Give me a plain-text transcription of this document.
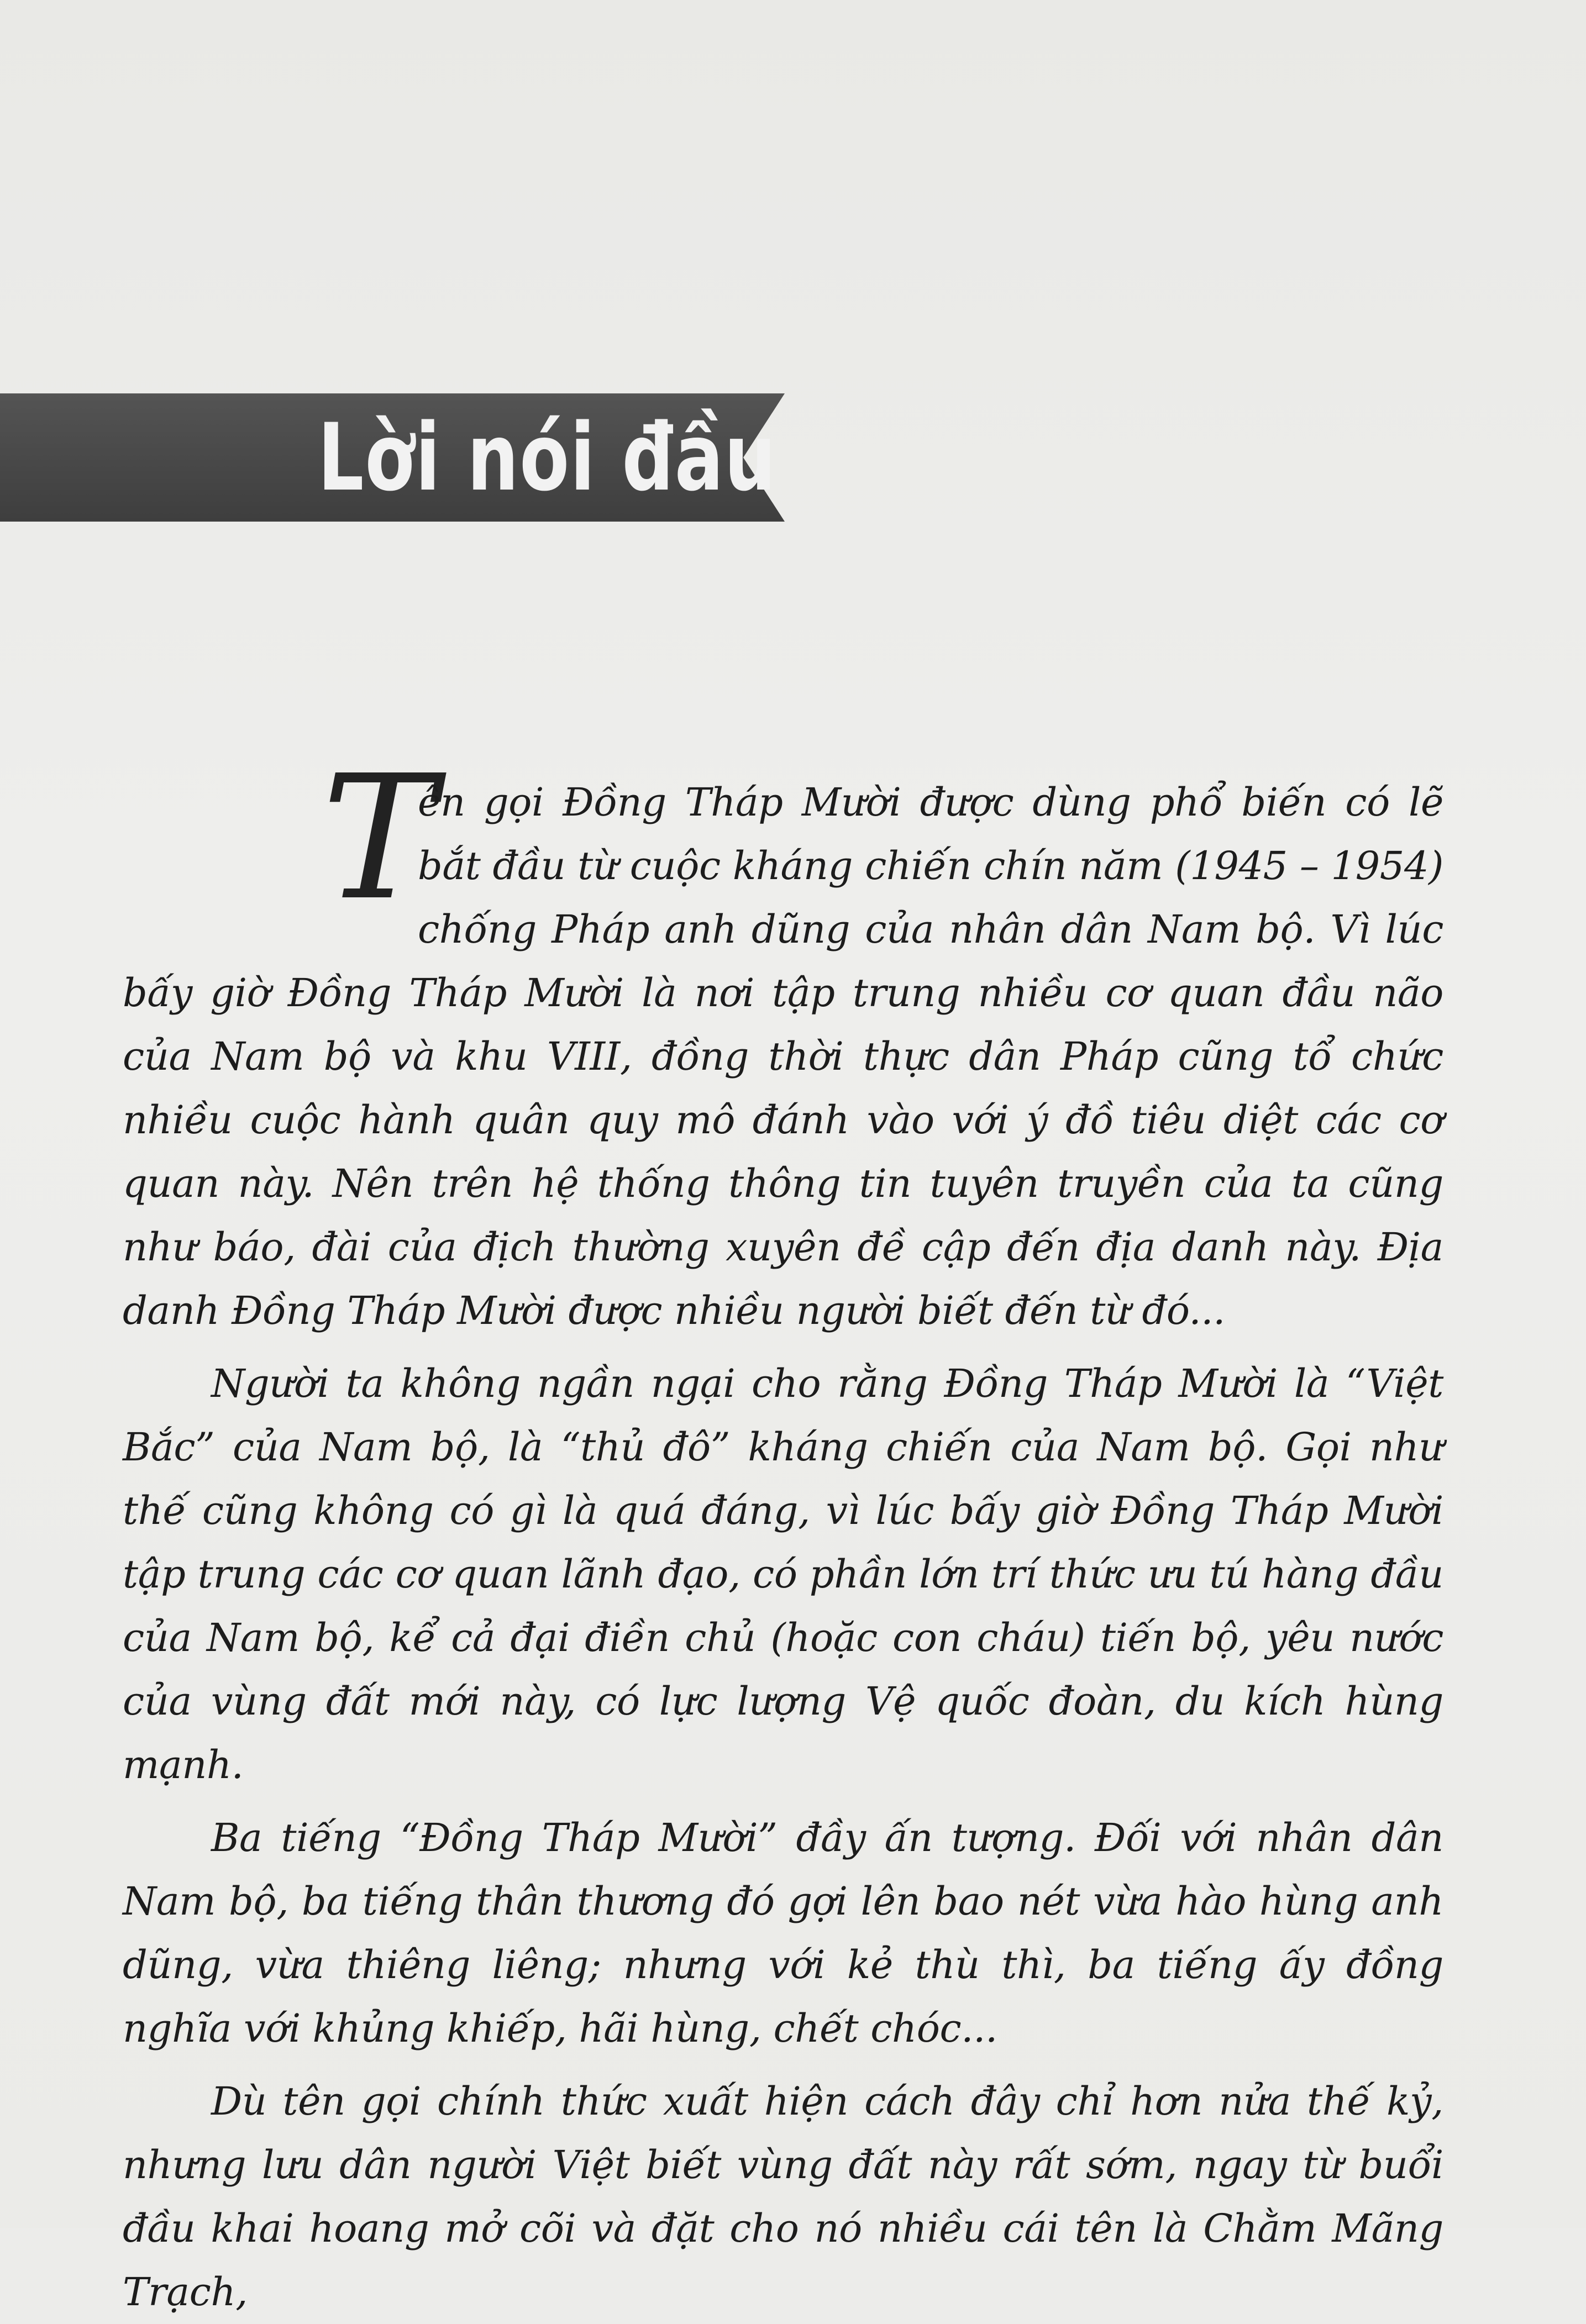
Lời nói đầu

T
ên gọi Đồng Tháp Mười được dùng phổ biến có lẽ bắt đầu từ cuộc kháng chiến chín năm (1945 – 1954) chống Pháp anh dũng của nhân dân Nam bộ. Vì lúc bấy giờ Đồng Tháp Mười là nơi tập trung nhiều cơ quan đầu não của Nam bộ và khu VIII, đồng thời thực dân Pháp cũng tổ chức nhiều cuộc hành quân quy mô đánh vào với ý đồ tiêu diệt các cơ quan này. Nên trên hệ thống thông tin tuyên truyền của ta cũng như báo, đài của địch thường xuyên đề cập đến địa danh này. Địa danh Đồng Tháp Mười được nhiều người biết đến từ đó...

Người ta không ngần ngại cho rằng Đồng Tháp Mười là “Việt Bắc” của Nam bộ, là “thủ đô” kháng chiến của Nam bộ. Gọi như thế cũng không có gì là quá đáng, vì lúc bấy giờ Đồng Tháp Mười tập trung các cơ quan lãnh đạo, có phần lớn trí thức ưu tú hàng đầu của Nam bộ, kể cả đại điền chủ (hoặc con cháu) tiến bộ, yêu nước của vùng đất mới này, có lực lượng Vệ quốc đoàn, du kích hùng mạnh.

Ba tiếng “Đồng Tháp Mười” đầy ấn tượng. Đối với nhân dân Nam bộ, ba tiếng thân thương đó gợi lên bao nét vừa hào hùng anh dũng, vừa thiêng liêng; nhưng với kẻ thù thì, ba tiếng ấy đồng nghĩa với khủng khiếp, hãi hùng, chết chóc...

Dù tên gọi chính thức xuất hiện cách đây chỉ hơn nửa thế kỷ, nhưng lưu dân người Việt biết vùng đất này rất sớm, ngay từ buổi đầu khai hoang mở cõi và đặt cho nó nhiều cái tên là Chằm Mãng Trạch,
